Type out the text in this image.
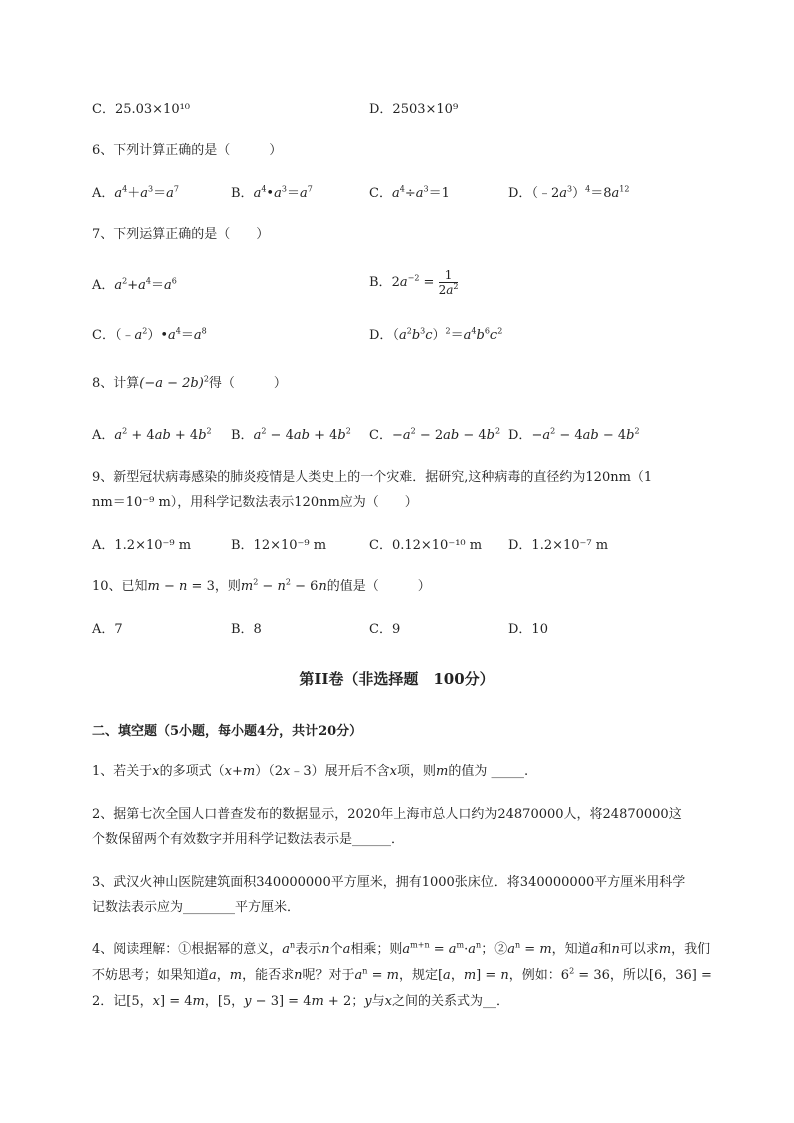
C．25.03×10¹⁰	D．2503×10⁹
6、下列计算正确的是（　　　）
A．$a^4+a^3=a^7$	B．$a^4•a^3=a^7$	C．$a^4\div a^3=1$	D．$(﹣2a^3)^4=8a^{12}$
7、下列运算正确的是（　　）
A．$a^2+a^4=a^6$	B．$2a^{-2} = \frac{1}{2a^2}$
C．$(﹣a^2)•a^4=a^8$	D．$(a^2b^3c)^2=a^4b^6c^2$
8、计算$(-a - 2b)^2$得（　　　）
A．$a^2 + 4ab + 4b^2$ B．$a^2 - 4ab + 4b^2$ C．$-a^2 - 2ab - 4b^2$ D．$-a^2 - 4ab - 4b^2$
9、新型冠状病毒感染的肺炎疫情是人类史上的一个灾难．据研究,这种病毒的直径约为120nm（1
nm＝10⁻⁹ m），用科学记数法表示120nm应为（　　）
A．1.2×10⁻⁹ m	B．12×10⁻⁹ m	C．0.12×10⁻¹⁰ m D．1.2×10⁻⁷ m
10、已知m − n = 3，则$m^2 - n^2 - 6n$的值是（　　　）
A．7	B．8	C．9	D．10
第II卷（非选择题　100分）
二、填空题（5小题，每小题4分，共计20分）
1、若关于x的多项式（x+m）（2x﹣3）展开后不含x项，则m的值为 _____.
2、据第七次全国人口普查发布的数据显示，2020年上海市总人口约为24870000人，将24870000这
个数保留两个有效数字并用科学记数法表示是______．
3、武汉火神山医院建筑面积340000000平方厘米，拥有1000张床位．将340000000平方厘米用科学
记数法表示应为________平方厘米．
4、阅读理解：①根据幂的意义，$a^n$表示n个a相乘；则$a^{m+n} = a^m\cdot a^n$；$②a^n = m$，知道a和n可以求m，我们不妨思考；如果知道a，m，能否求n呢？对于$a^n = m$，规定[a，m] = n，例如：$6^2 = 36$，所以[6，36] = 2．记[5，x] = 4m，[5，y − 3] = 4m + 2；y与x之间的关系式为__．
